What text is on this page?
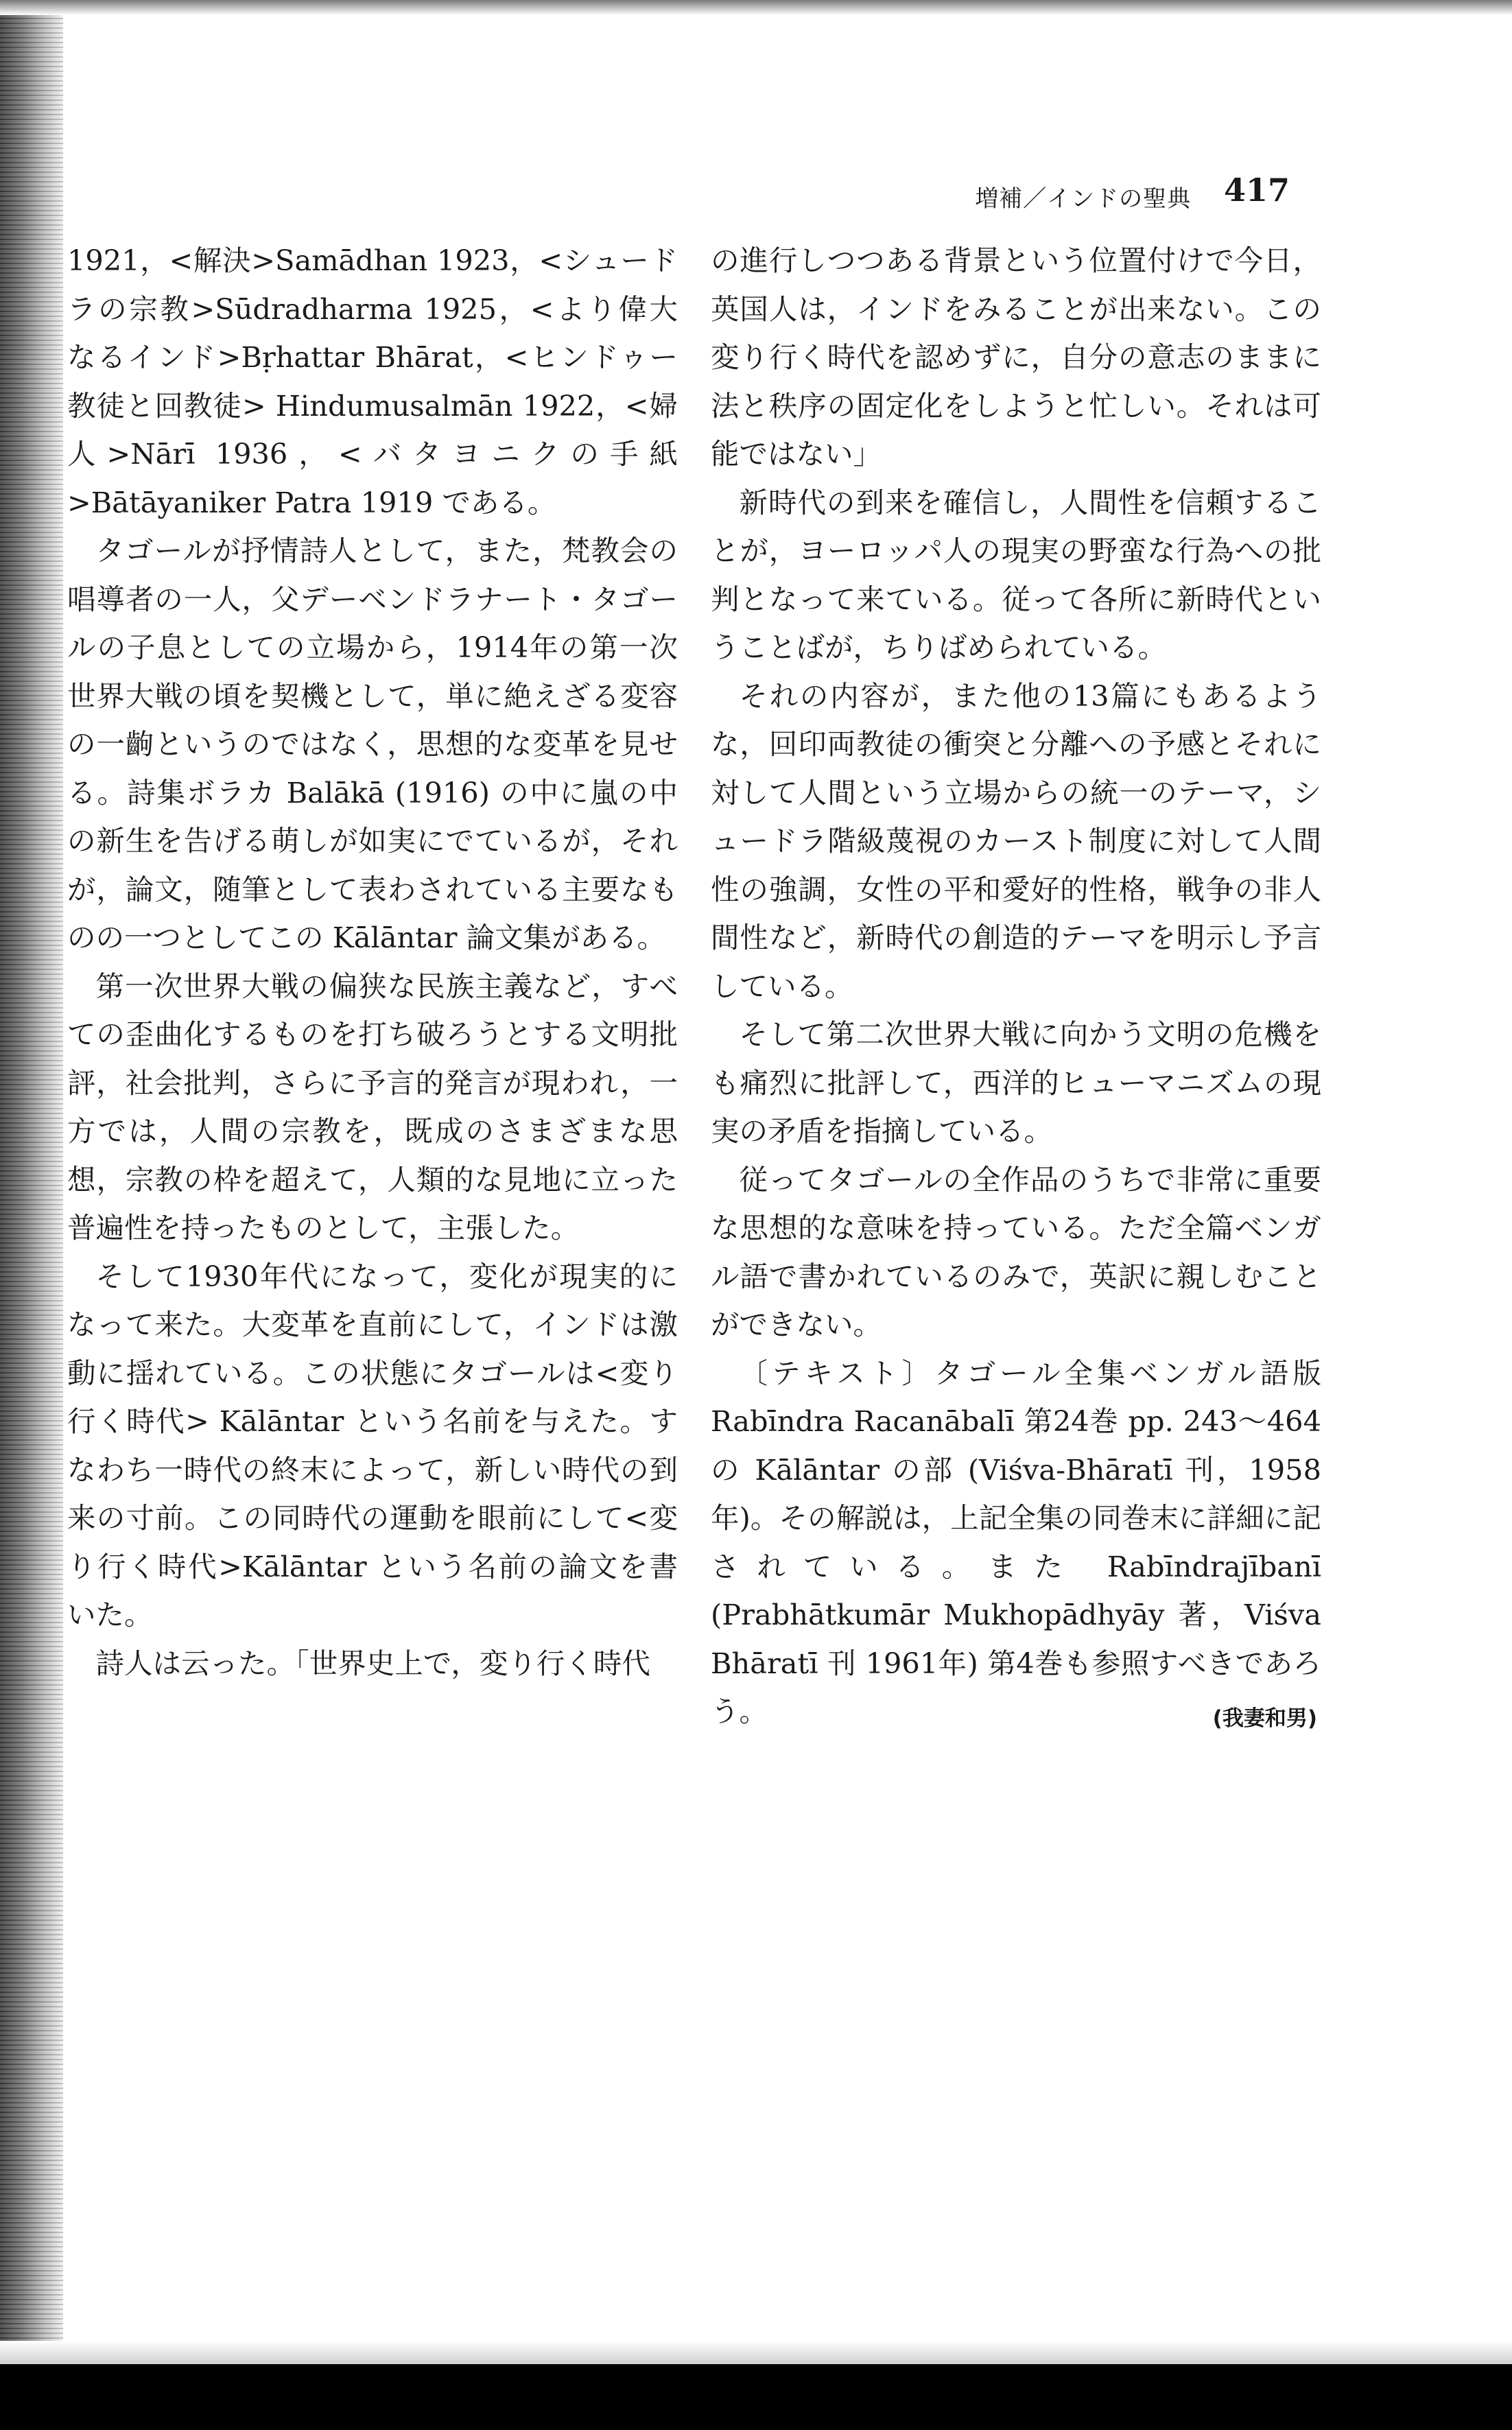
増補／インドの聖典	417

1921，<解決>Samādhan 1923，<シュードラの宗教>Sūdradharma 1925，<より偉大なるインド>Bṛhattar Bhārat，<ヒンドゥー教徒と回教徒> Hindumusalmān 1922，<婦人>Nārī 1936，<バタヨニクの手紙>Bātāyaniker Patra 1919 である。

タゴールが抒情詩人として，また，梵教会の唱導者の一人，父デーベンドラナート・タゴールの子息としての立場から，1914年の第一次世界大戦の頃を契機として，単に絶えざる変容の一齣というのではなく，思想的な変革を見せる。詩集ボラカ Balākā (1916) の中に嵐の中の新生を告げる萌しが如実にでているが，それが，論文，随筆として表わされている主要なものの一つとしてこの Kālāntar 論文集がある。

第一次世界大戦の偏狭な民族主義など，すべての歪曲化するものを打ち破ろうとする文明批評，社会批判，さらに予言的発言が現われ，一方では，人間の宗教を，既成のさまざまな思想，宗教の枠を超えて，人類的な見地に立った普遍性を持ったものとして，主張した。

そして1930年代になって，変化が現実的になって来た。大変革を直前にして，インドは激動に揺れている。この状態にタゴールは<変り行く時代> Kālāntar という名前を与えた。すなわち一時代の終末によって，新しい時代の到来の寸前。この同時代の運動を眼前にして<変り行く時代>Kālāntar という名前の論文を書いた。

詩人は云った。「世界史上で，変り行く時代

の進行しつつある背景という位置付けで今日，英国人は，インドをみることが出来ない。この変り行く時代を認めずに，自分の意志のままに法と秩序の固定化をしようと忙しい。それは可能ではない」

新時代の到来を確信し，人間性を信頼することが，ヨーロッパ人の現実の野蛮な行為への批判となって来ている。従って各所に新時代ということばが，ちりばめられている。

それの内容が，また他の13篇にもあるような，回印両教徒の衝突と分離への予感とそれに対して人間という立場からの統一のテーマ，シュードラ階級蔑視のカースト制度に対して人間性の強調，女性の平和愛好的性格，戦争の非人間性など，新時代の創造的テーマを明示し予言している。

そして第二次世界大戦に向かう文明の危機をも痛烈に批評して，西洋的ヒューマニズムの現実の矛盾を指摘している。

従ってタゴールの全作品のうちで非常に重要な思想的な意味を持っている。ただ全篇ベンガル語で書かれているのみで，英訳に親しむことができない。

〔テキスト〕タゴール全集ベンガル語版 Rabīndra Racanābalī 第24巻 pp. 243〜464 の Kālāntar の部 (Viśva-Bhāratī 刊，1958年)。その解説は，上記全集の同巻末に詳細に記されている。また Rabīndrajībanī (Prabhātkumār Mukhopādhyāy 著，Viśva Bhāratī 刊 1961年) 第4巻も参照すべきであろう。	(我妻和男)
